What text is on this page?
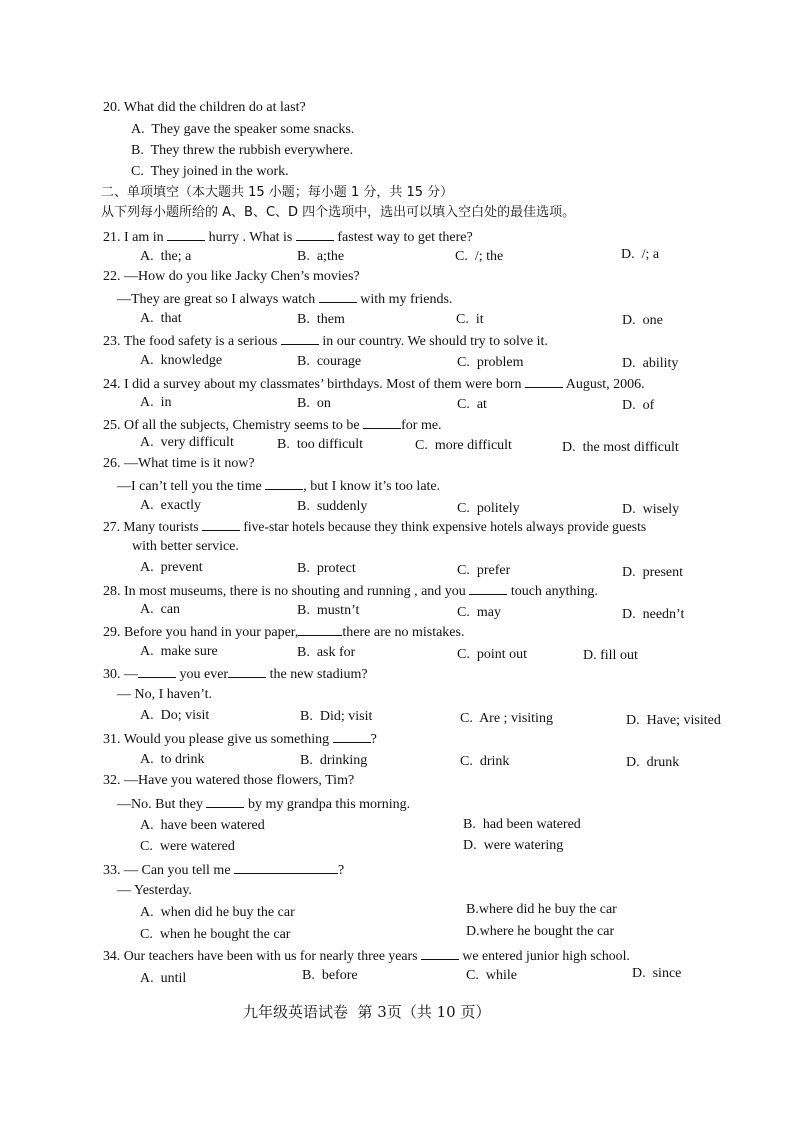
20. What did the children do at last?
A.  They gave the speaker some snacks.
B.  They threw the rubbish everywhere.
C.  They joined in the work.
二、单项填空（本大题共 15 小题；每小题 1 分，共 15 分）
从下列每小题所给的 A、B、C、D 四个选项中，选出可以填入空白处的最佳选项。
21. I am in	hurry . What is	fastest way to get there?
A.  the; a	B.  a;the	C.  /; the	D.  /; a
22. —How do you like Jacky Chen’s movies?
—They are great so I always watch	with my friends.
A.  that	B.  them	C.  it	D.  one
23. The food safety is a serious	in our country. We should try to solve it.
A.  knowledge	B.  courage	C.  problem	D.  ability
24. I did a survey about my classmates’ birthdays. Most of them were born	August, 2006.
A.  in	B.  on	C.  at	D.  of
25. Of all the subjects, Chemistry seems to be	for me.
A.  very difficult	B.  too difficult	C.  more difficult	D.  the most difficult
26. —What time is it now?
—I can’t tell you the time	, but I know it’s too late.
A.  exactly	B.  suddenly	C.  politely	D.  wisely
27. Many tourists	five-star hotels because they think expensive hotels always provide guests
with better service.
A.  prevent	B.  protect	C.  prefer	D.  present
28. In most museums, there is no shouting and running , and you	touch anything.
A.  can	B.  mustn’t	C.  may	D.  needn’t
29. Before you hand in your paper,	there are no mistakes.
A.  make sure	B.  ask for	C.  point out	D. fill out
30. —	you ever	the new stadium?
— No, I haven’t.
A.  Do; visit	B.  Did; visit	C.  Are ; visiting	D.  Have; visited
31. Would you please give us something	?
A.  to drink	B.  drinking	C.  drink	D.  drunk
32. —Have you watered those flowers, Tim?
—No. But they	by my grandpa this morning.
A.  have been watered	B.  had been watered
C.  were watered	D.  were watering
33. — Can you tell me	?
— Yesterday.
A.  when did he buy the car	B.where did he buy the car
C.  when he bought the car	D.where he bought the car
34. Our teachers have been with us for nearly three years	we entered junior high school.
A.  until	B.  before	C.  while	D.  since
九年级英语试卷  第 3页（共 10 页）
